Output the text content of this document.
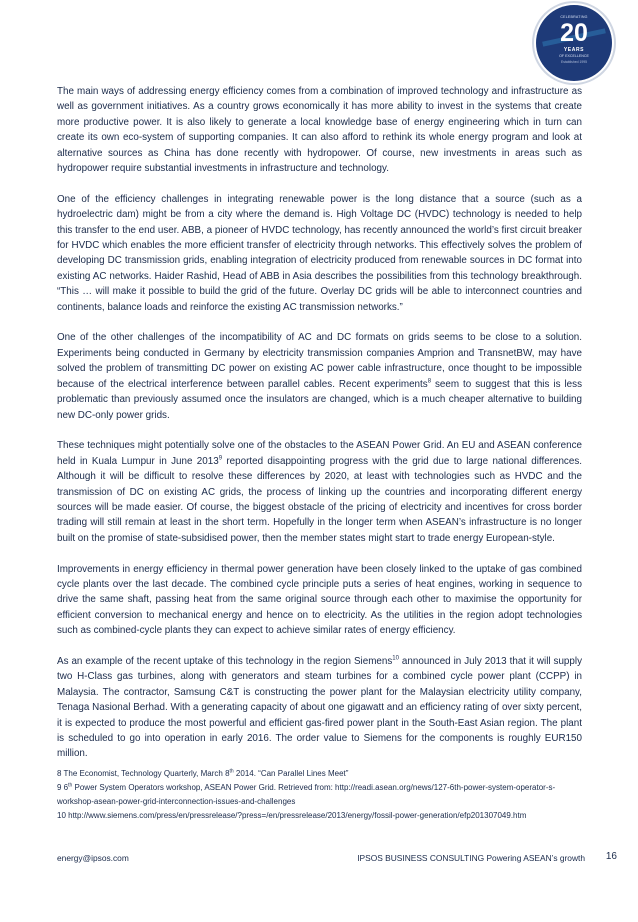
CELEBRATING
20
YEARS
OF EXCELLENCE
Established 1995

The main ways of addressing energy efficiency comes from a combination of improved technology and infrastructure as well as government initiatives. As a country grows economically it has more ability to invest in the systems that create more productive power. It is also likely to generate a local knowledge base of energy engineering which in turn can create its own eco-system of supporting companies. It can also afford to rethink its whole energy program and look at alternative sources as China has done recently with hydropower. Of course, new investments in areas such as hydropower require substantial investments in infrastructure and technology.

One of the efficiency challenges in integrating renewable power is the long distance that a source (such as a hydroelectric dam) might be from a city where the demand is. High Voltage DC (HVDC) technology is needed to help this transfer to the end user. ABB, a pioneer of HVDC technology, has recently announced the world’s first circuit breaker for HVDC which enables the more efficient transfer of electricity through networks. This effectively solves the problem of developing DC transmission grids, enabling integration of electricity produced from renewable sources in DC format into existing AC networks. Haider Rashid, Head of ABB in Asia describes the possibilities from this technology breakthrough. “This … will make it possible to build the grid of the future. Overlay DC grids will be able to interconnect countries and continents, balance loads and reinforce the existing AC transmission networks.”

One of the other challenges of the incompatibility of AC and DC formats on grids seems to be close to a solution. Experiments being conducted in Germany by electricity transmission companies Amprion and TransnetBW, may have solved the problem of transmitting DC power on existing AC power cable infrastructure, once thought to be impossible because of the electrical interference between parallel cables. Recent experiments$^8$ seem to suggest that this is less problematic than previously assumed once the insulators are changed, which is a much cheaper alternative to building new DC-only power grids.

These techniques might potentially solve one of the obstacles to the ASEAN Power Grid. An EU and ASEAN conference held in Kuala Lumpur in June 2013$^9$ reported disappointing progress with the grid due to large national differences. Although it will be difficult to resolve these differences by 2020, at least with technologies such as HVDC and the transmission of DC on existing AC grids, the process of linking up the countries and incorporating different energy sources will be made easier. Of course, the biggest obstacle of the pricing of electricity and incentives for cross border trading will still remain at least in the short term. Hopefully in the longer term when ASEAN’s infrastructure is no longer built on the promise of state-subsidised power, then the member states might start to trade energy European-style.

Improvements in energy efficiency in thermal power generation have been closely linked to the uptake of gas combined cycle plants over the last decade. The combined cycle principle puts a series of heat engines, working in sequence to drive the same shaft, passing heat from the same original source through each other to maximise the opportunity for efficient conversion to mechanical energy and hence on to electricity. As the utilities in the region adopt technologies such as combined-cycle plants they can expect to achieve similar rates of energy efficiency.

As an example of the recent uptake of this technology in the region Siemens$^{10}$ announced in July 2013 that it will supply two H-Class gas turbines, along with generators and steam turbines for a combined cycle power plant (CCPP) in Malaysia. The contractor, Samsung C&T is constructing the power plant for the Malaysian electricity utility company, Tenaga Nasional Berhad. With a generating capacity of about one gigawatt and an efficiency rating of over sixty percent, it is expected to produce the most powerful and efficient gas-fired power plant in the South-East Asian region. The plant is scheduled to go into operation in early 2016. The order value to Siemens for the components is roughly EUR150 million.

8 The Economist, Technology Quarterly, March 8th 2014. “Can Parallel Lines Meet”
9 6th Power System Operators workshop, ASEAN Power Grid. Retrieved from: http://readi.asean.org/news/127-6th-power-system-operator-s-workshop-asean-power-grid-interconnection-issues-and-challenges
10 http://www.siemens.com/press/en/pressrelease/?press=/en/pressrelease/2013/energy/fossil-power-generation/efp201307049.htm
energy@ipsos.com	IPSOS BUSINESS CONSULTING Powering ASEAN’s growth 16
